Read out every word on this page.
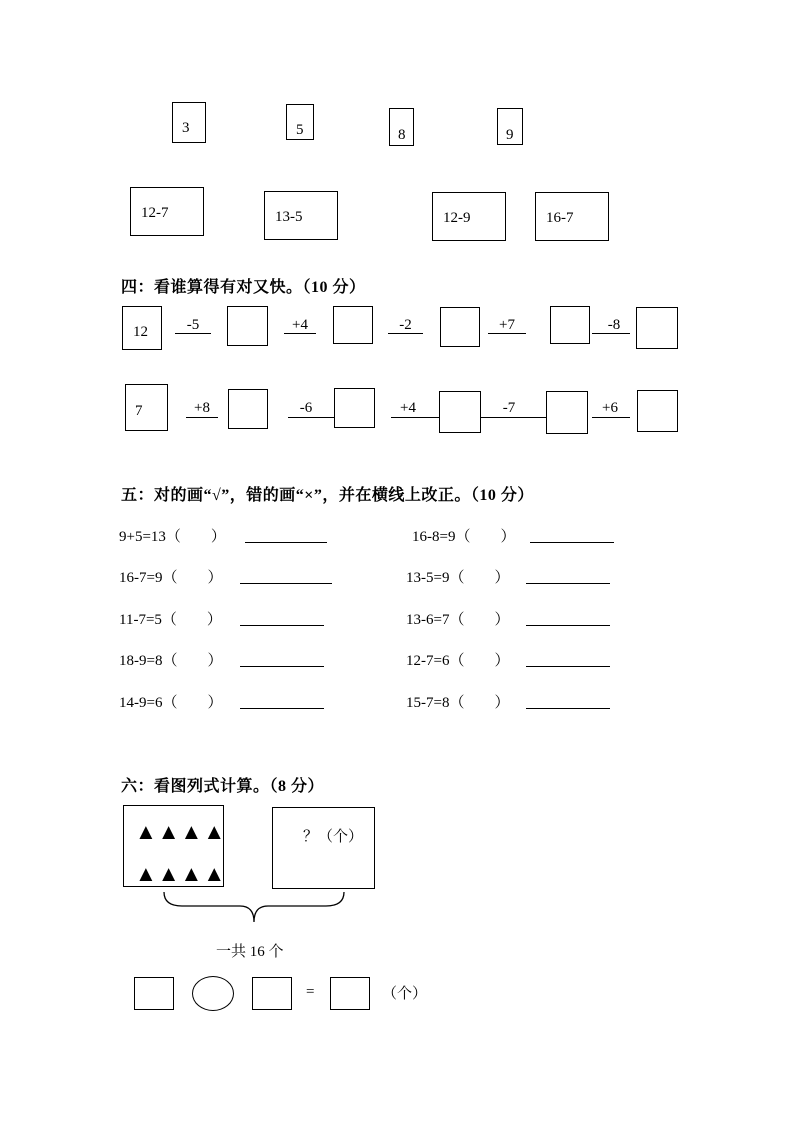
3	5	8	9
12-7	13-5	12-9	16-7
四：看谁算得有对又快。（10 分）
12	-5	+4	-2	+7	-8
7	+8	-6	+4	-7	+6
五：对的画“√”，错的画“×”，并在横线上改正。（10 分）
9+5=13（　　）	16-8=9（　　）
16-7=9（　　）	13-5=9（　　）
11-7=5（　　）	13-6=7（　　）
18-9=8（　　）	12-7=6（　　）
14-9=6（　　）	15-7=8（　　）
六：看图列式计算。（8 分）
▲▲▲▲
▲▲▲▲
？（个）
一共 16 个
=	（个）
